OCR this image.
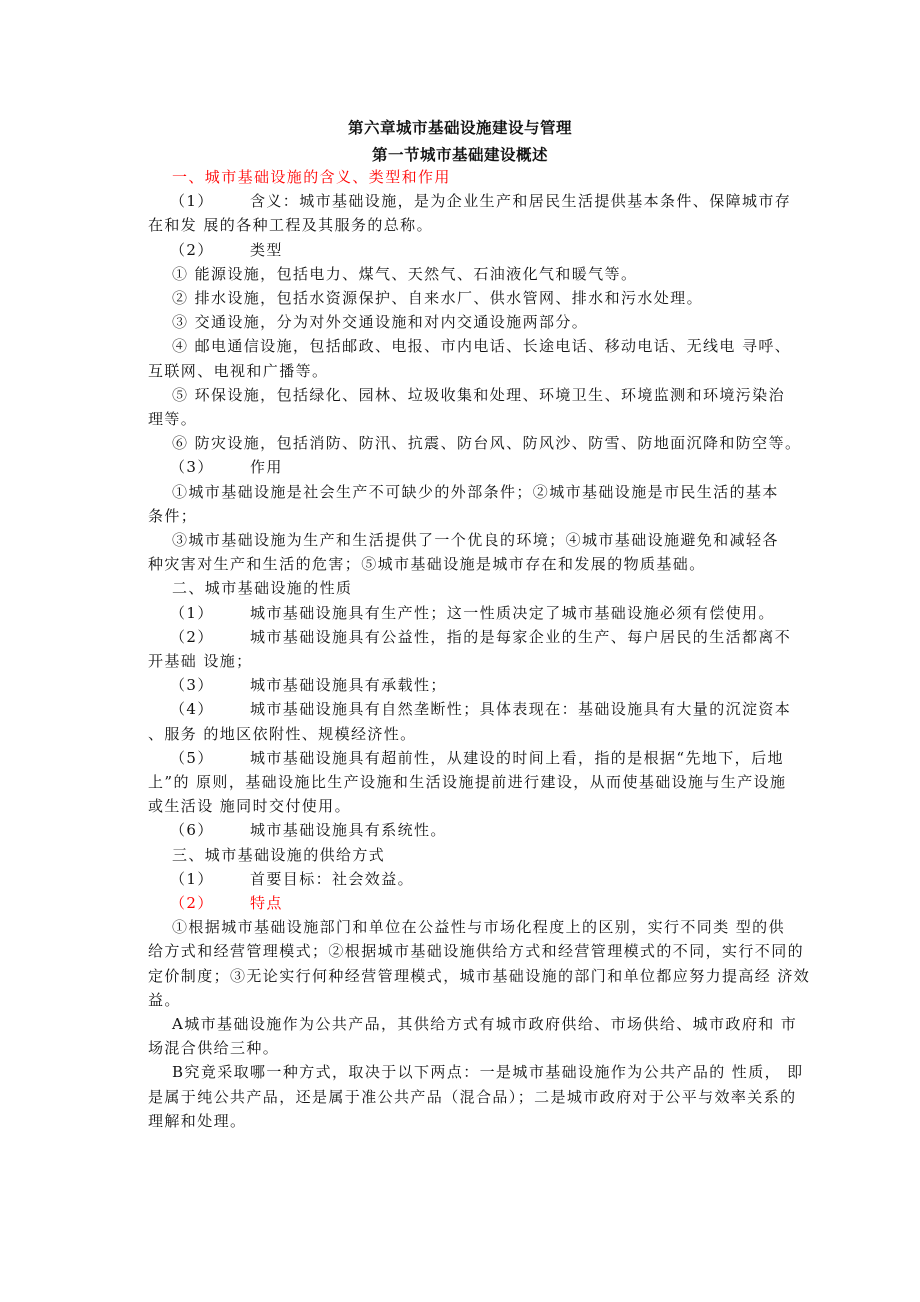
第六章城市基础设施建设与管理
第一节城市基础建设概述
一、城市基础设施的含义、类型和作用
（1） 含义：城市基础设施，是为企业生产和居民生活提供基本条件、保障城市存
在和发 展的各种工程及其服务的总称。
（2） 类型
① 能源设施，包括电力、煤气、天然气、石油液化气和暖气等。
② 排水设施，包括水资源保护、自来水厂、供水管网、排水和污水处理。
③ 交通设施，分为对外交通设施和对内交通设施两部分。
④ 邮电通信设施，包括邮政、电报、市内电话、长途电话、移动电话、无线电 寻呼、
互联网、电视和广播等。
⑤ 环保设施，包括绿化、园林、垃圾收集和处理、环境卫生、环境监测和环境污染治
理等。
⑥ 防灾设施，包括消防、防汛、抗震、防台风、防风沙、防雪、防地面沉降和防空等。
（3） 作用
①城市基础设施是社会生产不可缺少的外部条件；②城市基础设施是市民生活的基本
条件；
③城市基础设施为生产和生活提供了一个优良的环境；④城市基础设施避免和减轻各
种灾害对生产和生活的危害；⑤城市基础设施是城市存在和发展的物质基础。
二、城市基础设施的性质
（1） 城市基础设施具有生产性；这一性质决定了城市基础设施必须有偿使用。
（2） 城市基础设施具有公益性，指的是每家企业的生产、每户居民的生活都离不
开基础 设施；
（3） 城市基础设施具有承载性；
（4） 城市基础设施具有自然垄断性；具体表现在：基础设施具有大量的沉淀资本
、服务 的地区依附性、规模经济性。
（5） 城市基础设施具有超前性，从建设的时间上看，指的是根据“先地下，后地
上”的 原则，基础设施比生产设施和生活设施提前进行建设，从而使基础设施与生产设施
或生活设 施同时交付使用。
（6） 城市基础设施具有系统性。
三、城市基础设施的供给方式
（1） 首要目标：社会效益。
（2） 特点
①根据城市基础设施部门和单位在公益性与市场化程度上的区别，实行不同类 型的供
给方式和经营管理模式；②根据城市基础设施供给方式和经营管理模式的不同，实行不同的
定价制度；③无论实行何种经营管理模式，城市基础设施的部门和单位都应努力提高经 济效
益。
A城市基础设施作为公共产品，其供给方式有城市政府供给、市场供给、城市政府和 市
场混合供给三种。
B究竟采取哪一种方式，取决于以下两点：一是城市基础设施作为公共产品的 性质， 即
是属于纯公共产品，还是属于准公共产品（混合品）；二是城市政府对于公平与效率关系的
理解和处理。
